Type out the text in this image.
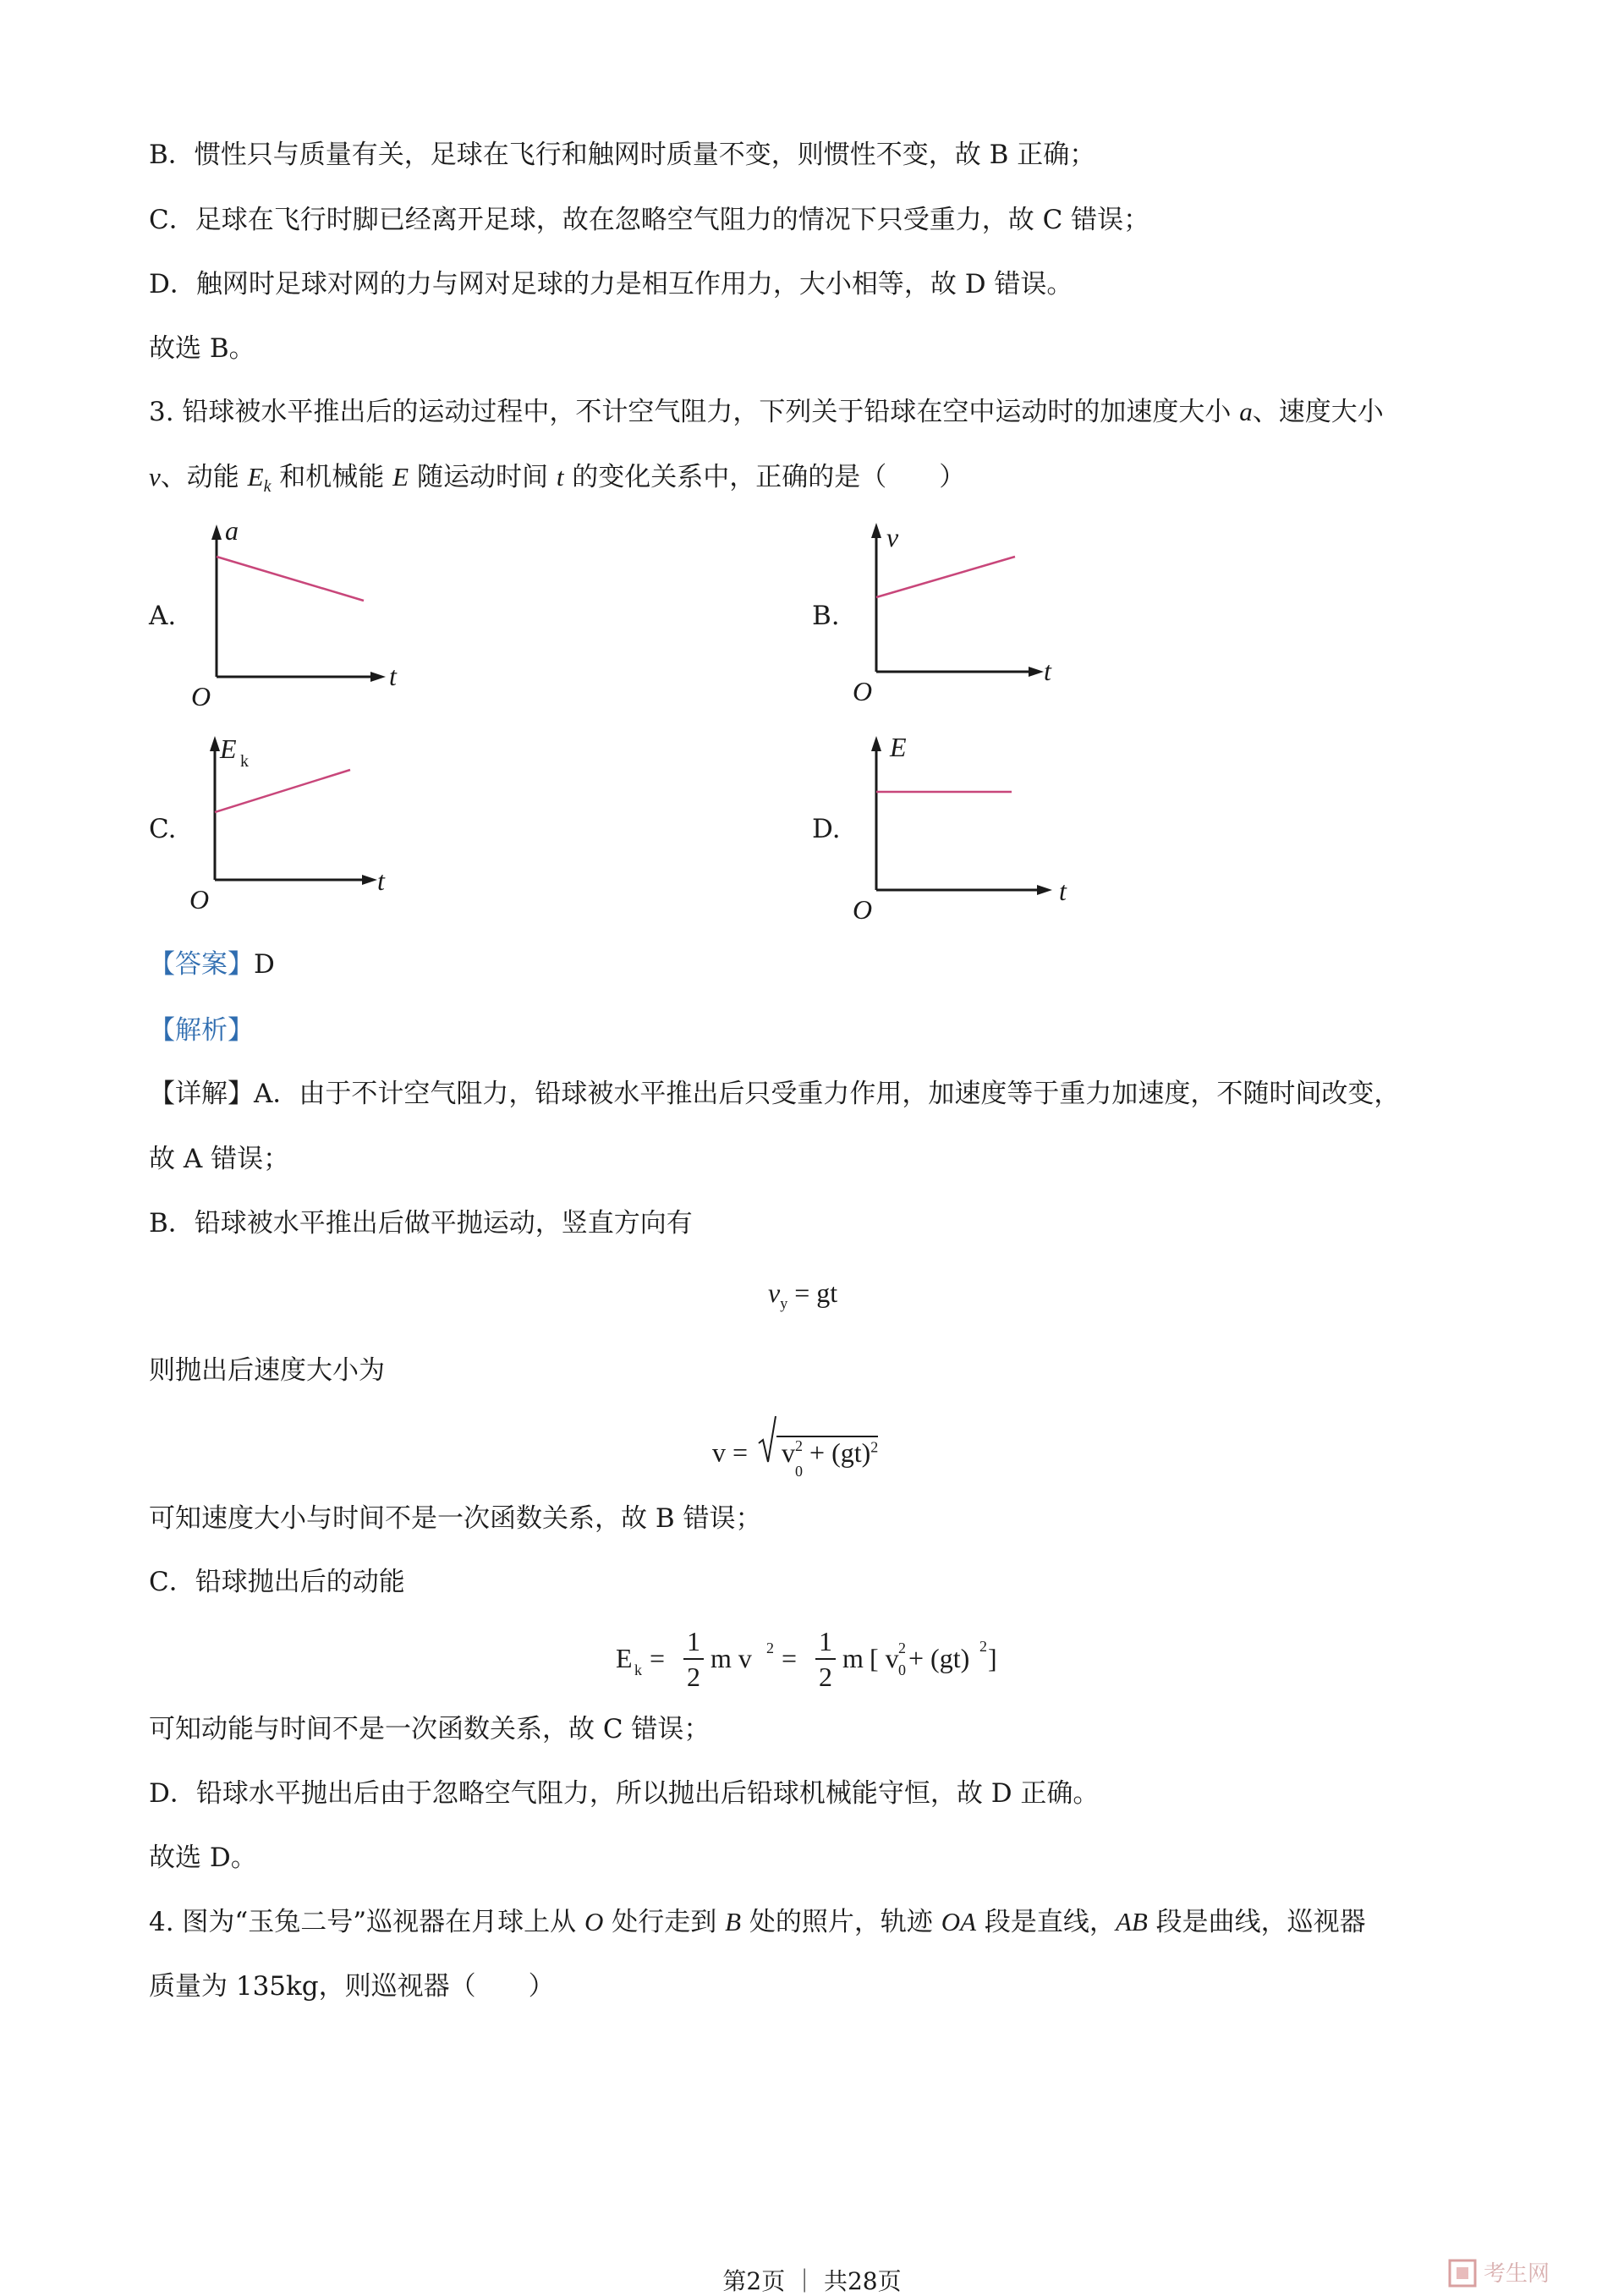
B．惯性只与质量有关，足球在飞行和触网时质量不变，则惯性不变，故 B 正确；
C．足球在飞行时脚已经离开足球，故在忽略空气阻力的情况下只受重力，故 C 错误；
D．触网时足球对网的力与网对足球的力是相互作用力，大小相等，故 D 错误。
故选 B。
3. 铅球被水平推出后的运动过程中，不计空气阻力，下列关于铅球在空中运动时的加速度大小 a、速度大小
v、动能 $E_k$ 和机械能 E 随运动时间 t 的变化关系中，正确的是（　　）
A.	B.
C.	D.
a
t
O
v
t
O
E k
t
O
E
t
O
【答案】D
【解析】
【详解】A．由于不计空气阻力，铅球被水平推出后只受重力作用，加速度等于重力加速度，不随时间改变，
故 A 错误；
B．铅球被水平推出后做平抛运动，竖直方向有
$v_y$ = gt
则抛出后速度大小为
v = v 2
$_0$ + (gt)$^2$
可知速度大小与时间不是一次函数关系，故 B 错误；
C．铅球抛出后的动能
E k =
1
2
m v 2 =
1
2
m [ v 2
0 + (gt) 2 ]
可知动能与时间不是一次函数关系，故 C 错误；
D．铅球水平抛出后由于忽略空气阻力，所以抛出后铅球机械能守恒，故 D 正确。
故选 D。
4. 图为“玉兔二号”巡视器在月球上从 O 处行走到 B 处的照片，轨迹 OA 段是直线，AB 段是曲线，巡视器
质量为 135kg，则巡视器（　　）
第2页 ｜ 共28页	考生网
